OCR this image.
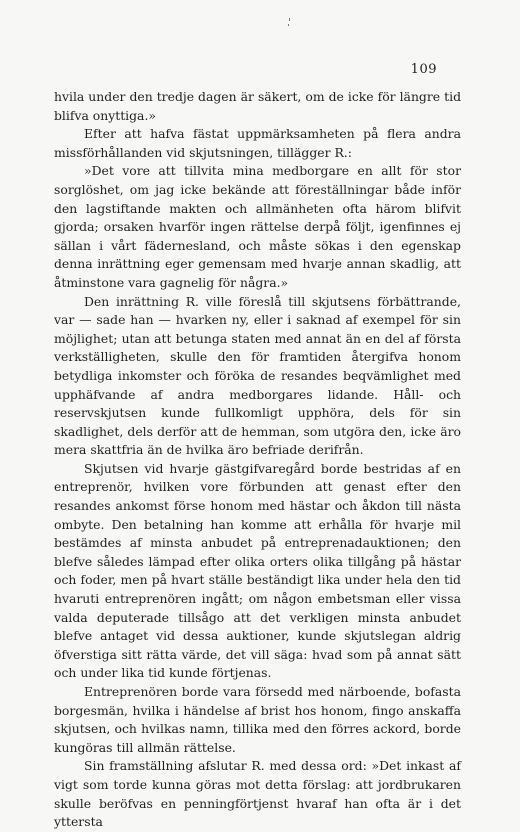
109

hvila under den tredje dagen är säkert, om de icke för längre tid blifva onyttiga.»

Efter att hafva fästat uppmärksamheten på flera andra missförhållanden vid skjutsningen, tillägger R.:

»Det vore att tillvita mina medborgare en allt för stor sorglöshet, om jag icke bekände att föreställningar både inför den lagstiftande makten och allmänheten ofta härom blifvit gjorda; orsaken hvarför ingen rättelse derpå följt, igenfinnes ej sällan i vårt fädernesland, och måste sökas i den egenskap denna inrättning eger gemensam med hvarje annan skadlig, att åtminstone vara gagnelig för några.»

Den inrättning R. ville föreslå till skjutsens förbättrande, var — sade han — hvarken ny, eller i saknad af exempel för sin möjlighet; utan att betunga staten med annat än en del af första verkställigheten, skulle den för framtiden återgifva honom betydliga inkomster och föröka de resandes beqvämlighet med upphäfvande af andra medborgares lidande. Håll- och reservskjutsen kunde fullkomligt upphöra, dels för sin skadlighet, dels derför att de hemman, som utgöra den, icke äro mera skattfria än de hvilka äro befriade derifrån.

Skjutsen vid hvarje gästgifvaregård borde bestridas af en entreprenör, hvilken vore förbunden att genast efter den resandes ankomst förse honom med hästar och åkdon till nästa ombyte. Den betalning han komme att erhålla för hvarje mil bestämdes af minsta anbudet på entreprenadauktionen; den blefve således lämpad efter olika orters olika tillgång på hästar och foder, men på hvart ställe beständigt lika under hela den tid hvaruti entreprenören ingått; om någon embetsman eller vissa valda deputerade tillsågo att det verkligen minsta anbudet blefve antaget vid dessa auktioner, kunde skjutslegan aldrig öfverstiga sitt rätta värde, det vill säga: hvad som på annat sätt och under lika tid kunde förtjenas.

Entreprenören borde vara försedd med närboende, bofasta borgesmän, hvilka i händelse af brist hos honom, fingo anskaffa skjutsen, och hvilkas namn, tillika med den förres ackord, borde kungöras till allmän rättelse.

Sin framställning afslutar R. med dessa ord: »Det inkast af vigt som torde kunna göras mot detta förslag: att jordbrukaren skulle beröfvas en penningförtjenst hvaraf han ofta är i det yttersta
